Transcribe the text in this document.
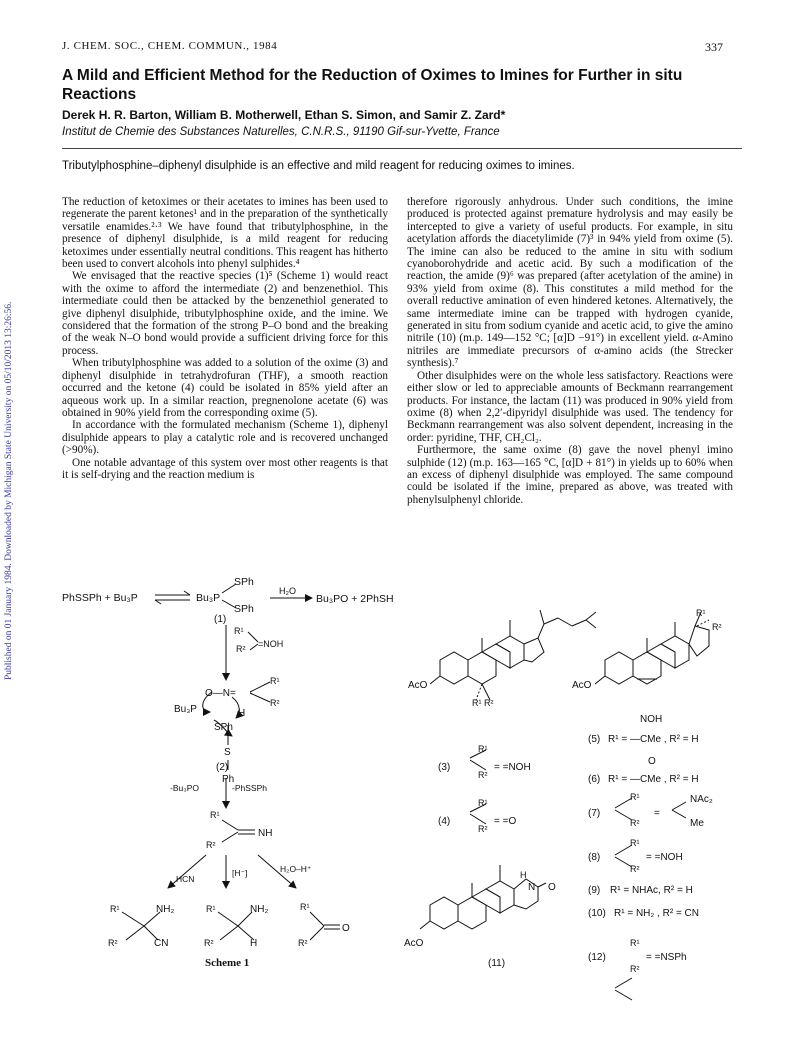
J. CHEM. SOC., CHEM. COMMUN., 1984	337
Published on 01 January 1984. Downloaded by Michigan State University on 05/10/2013 13:26:56.
A Mild and Efficient Method for the Reduction of Oximes to Imines for Further in situ Reactions
Derek H. R. Barton, William B. Motherwell, Ethan S. Simon, and Samir Z. Zard*
Institut de Chemie des Substances Naturelles, C.N.R.S., 91190 Gif-sur-Yvette, France
Tributylphosphine–diphenyl disulphide is an effective and mild reagent for reducing oximes to imines.

The reduction of ketoximes or their acetates to imines has been used to regenerate the parent ketones¹ and in the preparation of the synthetically versatile enamides.²·³ We have found that tributylphosphine, in the presence of diphenyl disulphide, is a mild reagent for reducing ketoximes under essentially neutral conditions. This reagent has hitherto been used to convert alcohols into phenyl sulphides.⁴

We envisaged that the reactive species (1)⁵ (Scheme 1) would react with the oxime to afford the intermediate (2) and benzenethiol. This intermediate could then be attacked by the benzenethiol generated to give diphenyl disulphide, tributylphosphine oxide, and the imine. We considered that the formation of the strong P–O bond and the breaking of the weak N–O bond would provide a sufficient driving force for this process.

When tributylphosphine was added to a solution of the oxime (3) and diphenyl disulphide in tetrahydrofuran (THF), a smooth reaction occurred and the ketone (4) could be isolated in 85% yield after an aqueous work up. In a similar reaction, pregnenolone acetate (6) was obtained in 90% yield from the corresponding oxime (5).

In accordance with the formulated mechanism (Scheme 1), diphenyl disulphide appears to play a catalytic role and is recovered unchanged (>90%).

One notable advantage of this system over most other reagents is that it is self-drying and the reaction medium is

therefore rigorously anhydrous. Under such conditions, the imine produced is protected against premature hydrolysis and may easily be intercepted to give a variety of useful products. For example, in situ acetylation affords the diacetylimide (7)³ in 94% yield from oxime (5). The imine can also be reduced to the amine in situ with sodium cyanoborohydride and acetic acid. By such a modification of the reaction, the amide (9)⁶ was prepared (after acetylation of the amine) in 93% yield from oxime (8). This constitutes a mild method for the overall reductive amination of even hindered ketones. Alternatively, the same intermediate imine can be trapped with hydrogen cyanide, generated in situ from sodium cyanide and acetic acid, to give the amino nitrile (10) (m.p. 149—152 °C; [α]D −91°) in excellent yield. α-Amino nitriles are immediate precursors of α-amino acids (the Strecker synthesis).⁷

Other disulphides were on the whole less satisfactory. Reactions were either slow or led to appreciable amounts of Beckmann rearrangement products. For instance, the lactam (11) was produced in 90% yield from oxime (8) when 2,2′-dipyridyl disulphide was used. The tendency for Beckmann rearrangement was also solvent dependent, increasing in the order: pyridine, THF, CH₂Cl₂.

Furthermore, the same oxime (8) gave the novel phenyl imino sulphide (12) (m.p. 163—165 °C, [α]D + 81°) in yields up to 60% when an excess of diphenyl disulphide was employed. The same compound could be isolated if the imine, prepared as above, was treated with phenylsulphenyl chloride.

PhSSPh + Bu₃P	Bu₃P
SPh
SPh
H₂O
Bu₃PO + 2PhSH
(1)
R¹
=NOH
R²
R¹
O—N=
R²
Bu₃P	H
SPh
S
Ph
(2)
-Bu₃PO	-PhSSPh
R¹
NH
R²
HCN
[H⁻]	H₂O–H⁺
R¹	NH₂
R²	CN
R¹	NH₂
R²	H
R¹
O
R²
AcO
R¹ R²
AcO
R¹
R²
(3)
R¹
R²
= =NOH
(4)
R¹
R²
= =O
NOH
(5) R¹ = —CMe , R² = H
O
(6) R¹ = —CMe , R² = H
(7)
R¹
R²
=
NAc₂
Me
(8)
R¹
R²
= =NOH
(9) R¹ = NHAc, R² = H
(10) R¹ = NH₂ , R² = CN
(12)
R¹
R²
= =NSPh
H
N O
AcO
(11)
Scheme 1
